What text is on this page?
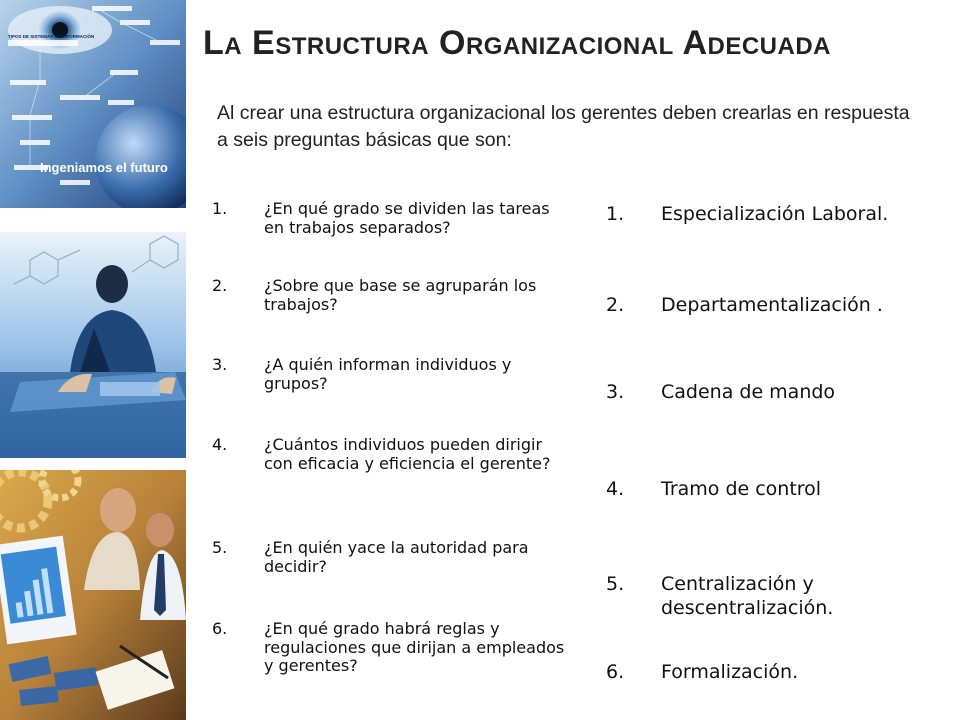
Ingeniamos el futuro
TIPOS DE SISTEMAS DE INFORMACIÓN	La Estructura Organizacional Adecuada
Al crear una estructura organizacional los gerentes deben crearlas en respuesta a seis preguntas básicas que son:
1.	¿En qué grado se dividen las tareas en trabajos separados?
2.	¿Sobre que base se agruparán los trabajos?
3.	¿A quién informan individuos y grupos?
4.	¿Cuántos individuos pueden dirigir con eficacia y eficiencia el gerente?
5.	¿En quién yace la autoridad para decidir?
6.	¿En qué grado habrá reglas y regulaciones que dirijan a empleados y gerentes?
1.	Especialización Laboral.
2.	Departamentalización .
3.	Cadena de mando
4.	Tramo de control
5.	Centralización y descentralización.
6.	Formalización.
